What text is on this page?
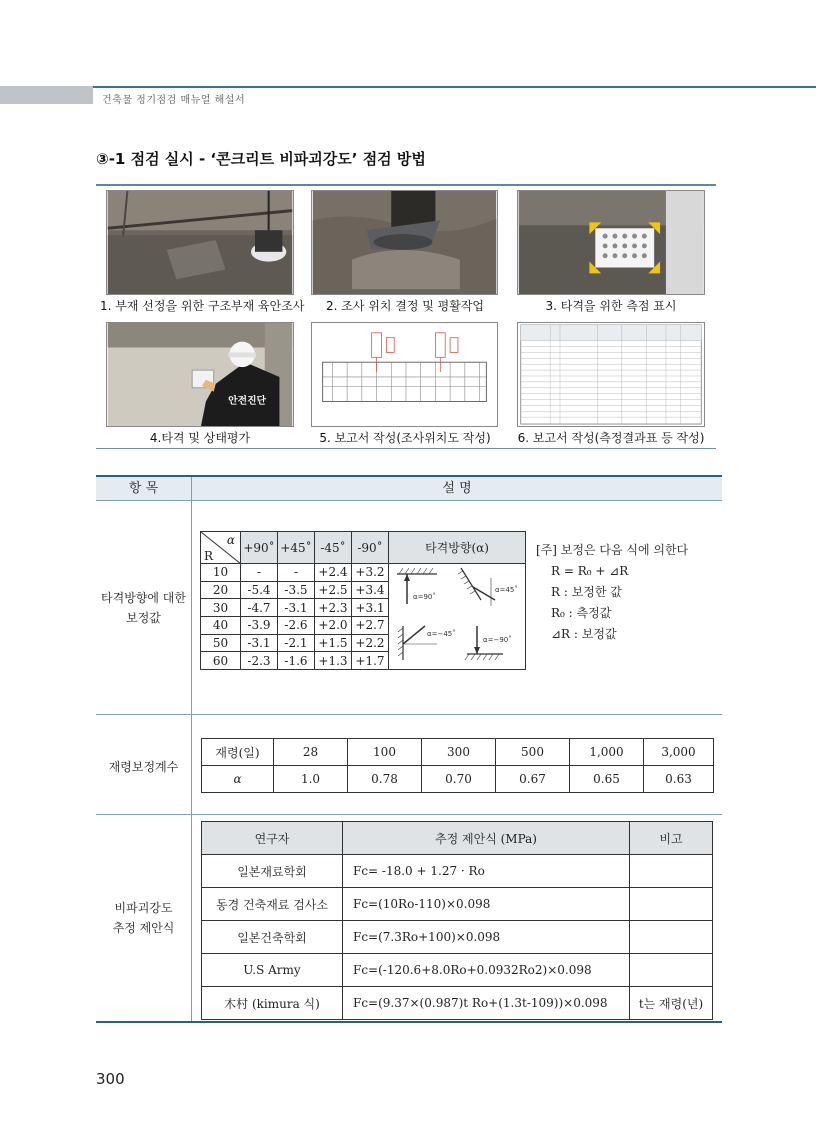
건축물 정기점검 매뉴얼 해설서
③-1 점검 실시 - ‘콘크리트 비파괴강도’ 점검 방법
1. 부재 선정을 위한 구조부재 육안조사	2. 조사 위치 결정 및 평활작업	3. 타격을 위한 측점 표시
안전진단
4.타격 및 상태평가	5. 보고서 작성(조사위치도 작성)	6. 보고서 작성(측정결과표 등 작성)
항 목	설 명
타격방향에 대한
보정값
재령보정계수
비파괴강도
추정 제안식
α
R	+90˚	+45˚	-45˚	-90˚	타격방향(α)
10	-	-	+2.4	+3.2	α=90˚
α=45˚
α=−45˚
α=−90˚

20	-5.4	-3.5	+2.5	+3.4	
30	-4.7	-3.1	+2.3	+3.1	
40	-3.9	-2.6	+2.0	+2.7	
50	-3.1	-2.1	+1.5	+2.2	
60	-2.3	-1.6	+1.3	+1.7	
[주] 보정은 다음 식에 의한다
R = R₀ + ⊿R
R : 보정한 값
R₀ : 측정값
⊿R : 보정값
재령(일)	28	100	300	500	1,000	3,000
α	1.0	0.78	0.70	0.67	0.65	0.63
연구자	추정 제안식 (MPa)	비고
일본재료학회	Fc= -18.0 + 1.27 · Ro	
동경 건축재료 검사소	Fc=(10Ro-110)×0.098	
일본건축학회	Fc=(7.3Ro+100)×0.098	
U.S Army	Fc=(-120.6+8.0Ro+0.0932Ro2)×0.098	
木村 (kimura 식)	Fc=(9.37×(0.987)t Ro+(1.3t-109))×0.098	t는 재령(년)
300
